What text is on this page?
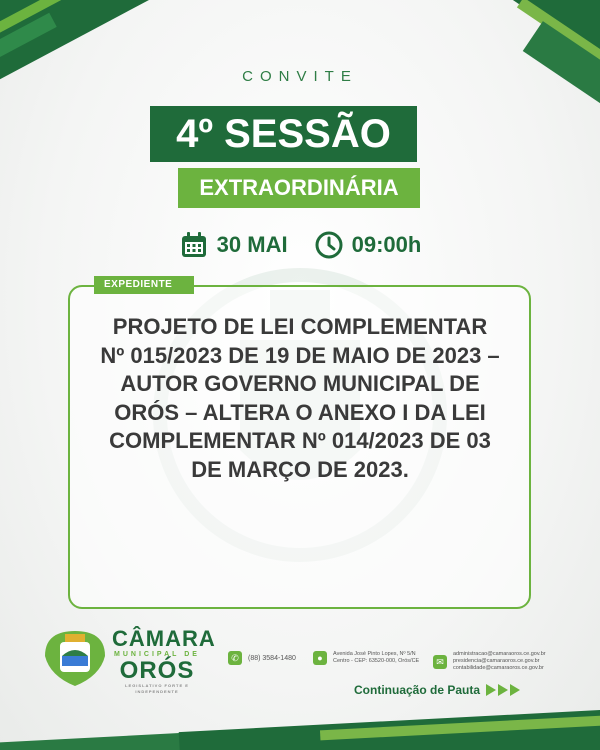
CONVITE
4º SESSÃO
EXTRAORDINÁRIA
30 MAI	09:00h
EXPEDIENTE
PROJETO DE LEI COMPLEMENTAR Nº 015/2023 DE 19 DE MAIO DE 2023 – AUTOR GOVERNO MUNICIPAL DE ORÓS – ALTERA O ANEXO I DA LEI COMPLEMENTAR Nº 014/2023 DE 03 DE MARÇO DE 2023.
CÂMARA
MUNICIPAL DE
ORÓS
LEGISLATIVO FORTE E INDEPENDENTE
✆	(88) 3584-1480	●	Avenida José Pinto Lopes, Nº 5/N Centro - CEP: 63520-000, Orós/CE	✉
administracao@camaraoros.ce.gov.br presidencia@camaraoros.ce.gov.br contabilidade@camaraoros.ce.gov.br
Continuação de Pauta
